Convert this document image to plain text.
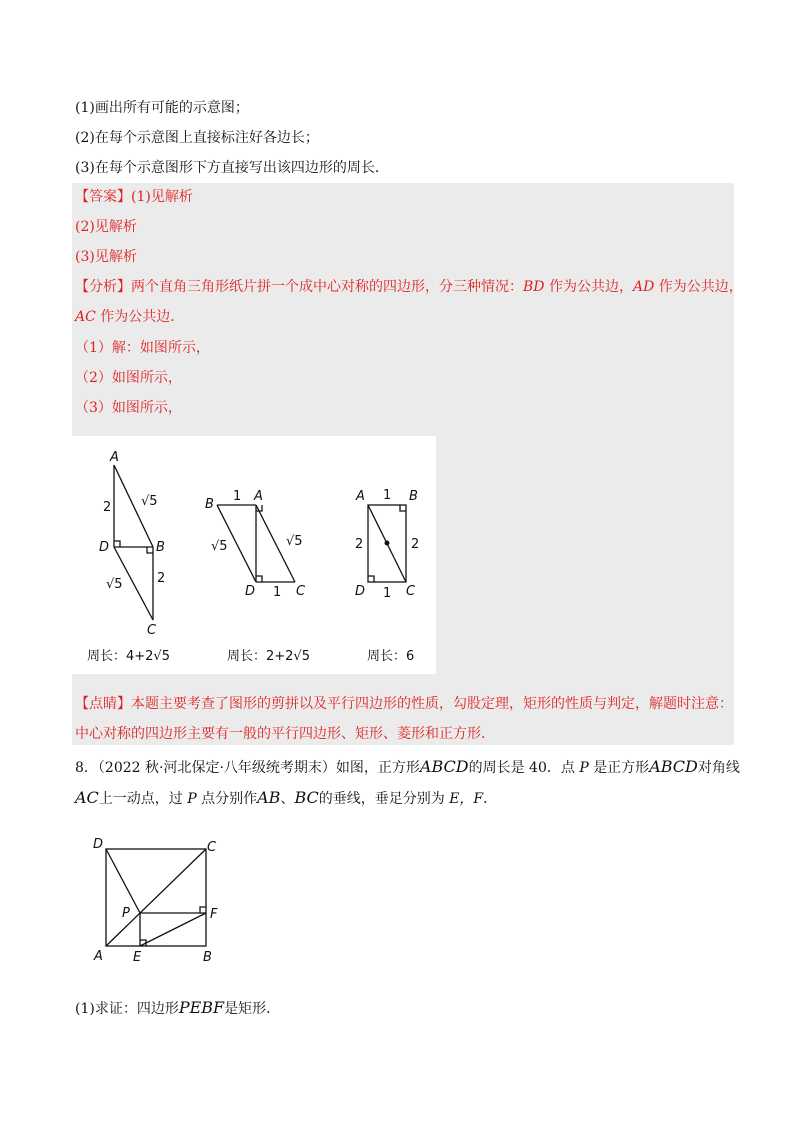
(1)画出所有可能的示意图；
(2)在每个示意图上直接标注好各边长；
(3)在每个示意图形下方直接写出该四边形的周长．
【答案】(1)见解析
(2)见解析
(3)见解析
【分析】两个直角三角形纸片拼一个成中心对称的四边形，分三种情况：BD 作为公共边，AD 作为公共边，
AC 作为公共边．
（1）解：如图所示，
（2）如图所示，
（3）如图所示，
A
D	B
C
B
A
D	C
A	B
D	C
2 √5
√5	2
1
√5	√5
1
1
2	2
1
周长：4+2√5	周长：2+2√5	周长：6
【点睛】本题主要考查了图形的剪拼以及平行四边形的性质，勾股定理，矩形的性质与判定，解题时注意：
中心对称的四边形主要有一般的平行四边形、矩形、菱形和正方形．
8．（2022 秋·河北保定·八年级统考期末）如图，正方形ABCD的周长是 40．点 P 是正方形ABCD对角线
AC上一动点，过 P 点分别作AB、BC的垂线，垂足分别为 E，F．
D	C
P	F
A E	B
(1)求证：四边形PEBF是矩形．
